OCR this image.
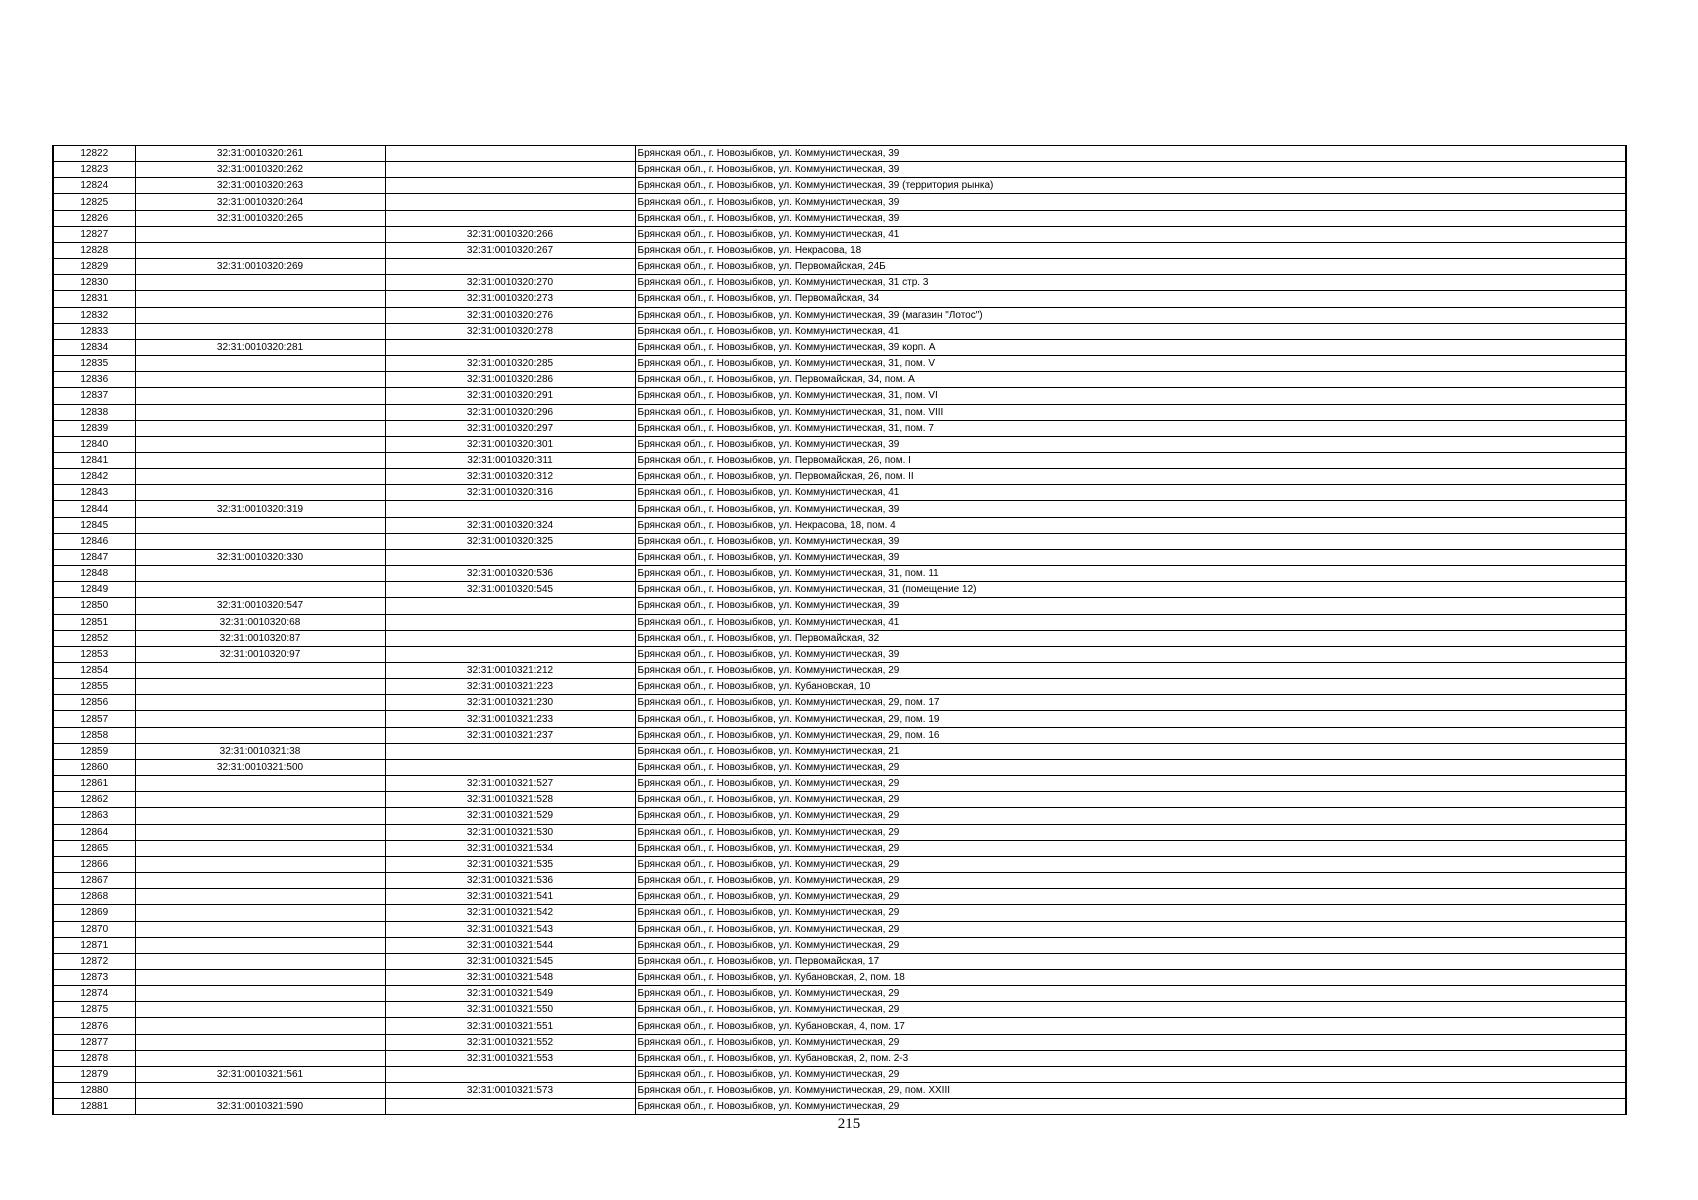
12822	32:31:0010320:261		Брянская обл., г. Новозыбков, ул. Коммунистическая, 39
12823	32:31:0010320:262		Брянская обл., г. Новозыбков, ул. Коммунистическая, 39
12824	32:31:0010320:263		Брянская обл., г. Новозыбков, ул. Коммунистическая, 39 (территория рынка)
12825	32:31:0010320:264		Брянская обл., г. Новозыбков, ул. Коммунистическая, 39
12826	32:31:0010320:265		Брянская обл., г. Новозыбков, ул. Коммунистическая, 39
12827		32:31:0010320:266	Брянская обл., г. Новозыбков, ул. Коммунистическая, 41
12828		32:31:0010320:267	Брянская обл., г. Новозыбков, ул. Некрасова, 18
12829	32:31:0010320:269		Брянская обл., г. Новозыбков, ул. Первомайская, 24Б
12830		32:31:0010320:270	Брянская обл., г. Новозыбков, ул. Коммунистическая, 31 стр. 3
12831		32:31:0010320:273	Брянская обл., г. Новозыбков, ул. Первомайская, 34
12832		32:31:0010320:276	Брянская обл., г. Новозыбков, ул. Коммунистическая, 39 (магазин "Лотос")
12833		32:31:0010320:278	Брянская обл., г. Новозыбков, ул. Коммунистическая, 41
12834	32:31:0010320:281		Брянская обл., г. Новозыбков, ул. Коммунистическая, 39 корп. А
12835		32:31:0010320:285	Брянская обл., г. Новозыбков, ул. Коммунистическая, 31, пом. V
12836		32:31:0010320:286	Брянская обл., г. Новозыбков, ул. Первомайская, 34, пом. А
12837		32:31:0010320:291	Брянская обл., г. Новозыбков, ул. Коммунистическая, 31, пом. VI
12838		32:31:0010320:296	Брянская обл., г. Новозыбков, ул. Коммунистическая, 31, пом. VIII
12839		32:31:0010320:297	Брянская обл., г. Новозыбков, ул. Коммунистическая, 31, пом. 7
12840		32:31:0010320:301	Брянская обл., г. Новозыбков, ул. Коммунистическая, 39
12841		32:31:0010320:311	Брянская обл., г. Новозыбков, ул. Первомайская, 26, пом. I
12842		32:31:0010320:312	Брянская обл., г. Новозыбков, ул. Первомайская, 26, пом. II
12843		32:31:0010320:316	Брянская обл., г. Новозыбков, ул. Коммунистическая, 41
12844	32:31:0010320:319		Брянская обл., г. Новозыбков, ул. Коммунистическая, 39
12845		32:31:0010320:324	Брянская обл., г. Новозыбков, ул. Некрасова, 18, пом. 4
12846		32:31:0010320:325	Брянская обл., г. Новозыбков, ул. Коммунистическая, 39
12847	32:31:0010320:330		Брянская обл., г. Новозыбков, ул. Коммунистическая, 39
12848		32:31:0010320:536	Брянская обл., г. Новозыбков, ул. Коммунистическая, 31, пом. 11
12849		32:31:0010320:545	Брянская обл., г. Новозыбков, ул. Коммунистическая, 31 (помещение 12)
12850	32:31:0010320:547		Брянская обл., г. Новозыбков, ул. Коммунистическая, 39
12851	32:31:0010320:68		Брянская обл., г. Новозыбков, ул. Коммунистическая, 41
12852	32:31:0010320:87		Брянская обл., г. Новозыбков, ул. Первомайская, 32
12853	32:31:0010320:97		Брянская обл., г. Новозыбков, ул. Коммунистическая, 39
12854		32:31:0010321:212	Брянская обл., г. Новозыбков, ул. Коммунистическая, 29
12855		32:31:0010321:223	Брянская обл., г. Новозыбков, ул. Кубановская, 10
12856		32:31:0010321:230	Брянская обл., г. Новозыбков, ул. Коммунистическая, 29, пом. 17
12857		32:31:0010321:233	Брянская обл., г. Новозыбков, ул. Коммунистическая, 29, пом. 19
12858		32:31:0010321:237	Брянская обл., г. Новозыбков, ул. Коммунистическая, 29, пом. 16
12859	32:31:0010321:38		Брянская обл., г. Новозыбков, ул. Коммунистическая, 21
12860	32:31:0010321:500		Брянская обл., г. Новозыбков, ул. Коммунистическая, 29
12861		32:31:0010321:527	Брянская обл., г. Новозыбков, ул. Коммунистическая, 29
12862		32:31:0010321:528	Брянская обл., г. Новозыбков, ул. Коммунистическая, 29
12863		32:31:0010321:529	Брянская обл., г. Новозыбков, ул. Коммунистическая, 29
12864		32:31:0010321:530	Брянская обл., г. Новозыбков, ул. Коммунистическая, 29
12865		32:31:0010321:534	Брянская обл., г. Новозыбков, ул. Коммунистическая, 29
12866		32:31:0010321:535	Брянская обл., г. Новозыбков, ул. Коммунистическая, 29
12867		32:31:0010321:536	Брянская обл., г. Новозыбков, ул. Коммунистическая, 29
12868		32:31:0010321:541	Брянская обл., г. Новозыбков, ул. Коммунистическая, 29
12869		32:31:0010321:542	Брянская обл., г. Новозыбков, ул. Коммунистическая, 29
12870		32:31:0010321:543	Брянская обл., г. Новозыбков, ул. Коммунистическая, 29
12871		32:31:0010321:544	Брянская обл., г. Новозыбков, ул. Коммунистическая, 29
12872		32:31:0010321:545	Брянская обл., г. Новозыбков, ул. Первомайская, 17
12873		32:31:0010321:548	Брянская обл., г. Новозыбков, ул. Кубановская, 2, пом. 18
12874		32:31:0010321:549	Брянская обл., г. Новозыбков, ул. Коммунистическая, 29
12875		32:31:0010321:550	Брянская обл., г. Новозыбков, ул. Коммунистическая, 29
12876		32:31:0010321:551	Брянская обл., г. Новозыбков, ул. Кубановская, 4, пом. 17
12877		32:31:0010321:552	Брянская обл., г. Новозыбков, ул. Коммунистическая, 29
12878		32:31:0010321:553	Брянская обл., г. Новозыбков, ул. Кубановская, 2, пом. 2-3
12879	32:31:0010321:561		Брянская обл., г. Новозыбков, ул. Коммунистическая, 29
12880		32:31:0010321:573	Брянская обл., г. Новозыбков, ул. Коммунистическая, 29, пом. XXIII
12881	32:31:0010321:590		Брянская обл., г. Новозыбков, ул. Коммунистическая, 29
215
